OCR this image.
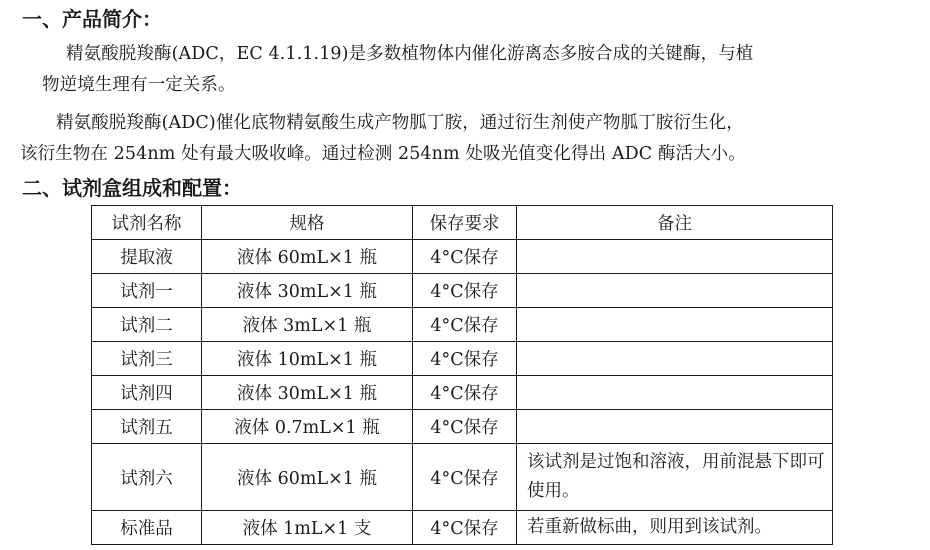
一、产品简介：

精氨酸脱羧酶(ADC，EC 4.1.1.19)是多数植物体内催化游离态多胺合成的关键酶，与植
物逆境生理有一定关系。

精氨酸脱羧酶(ADC)催化底物精氨酸生成产物胍丁胺，通过衍生剂使产物胍丁胺衍生化，
该衍生物在 254nm 处有最大吸收峰。通过检测 254nm 处吸光值变化得出 ADC 酶活大小。

二、试剂盒组成和配置：
试剂名称	规格	保存要求	备注
提取液	液体 60mL×1 瓶	4°C保存	
试剂一	液体 30mL×1 瓶	4°C保存	
试剂二	液体 3mL×1 瓶	4°C保存	
试剂三	液体 10mL×1 瓶	4°C保存	
试剂四	液体 30mL×1 瓶	4°C保存	
试剂五	液体 0.7mL×1 瓶	4°C保存	
试剂六	液体 60mL×1 瓶	4°C保存	该试剂是过饱和溶液，用前混悬下即可使用。
标准品	液体 1mL×1 支	4°C保存	若重新做标曲，则用到该试剂。
